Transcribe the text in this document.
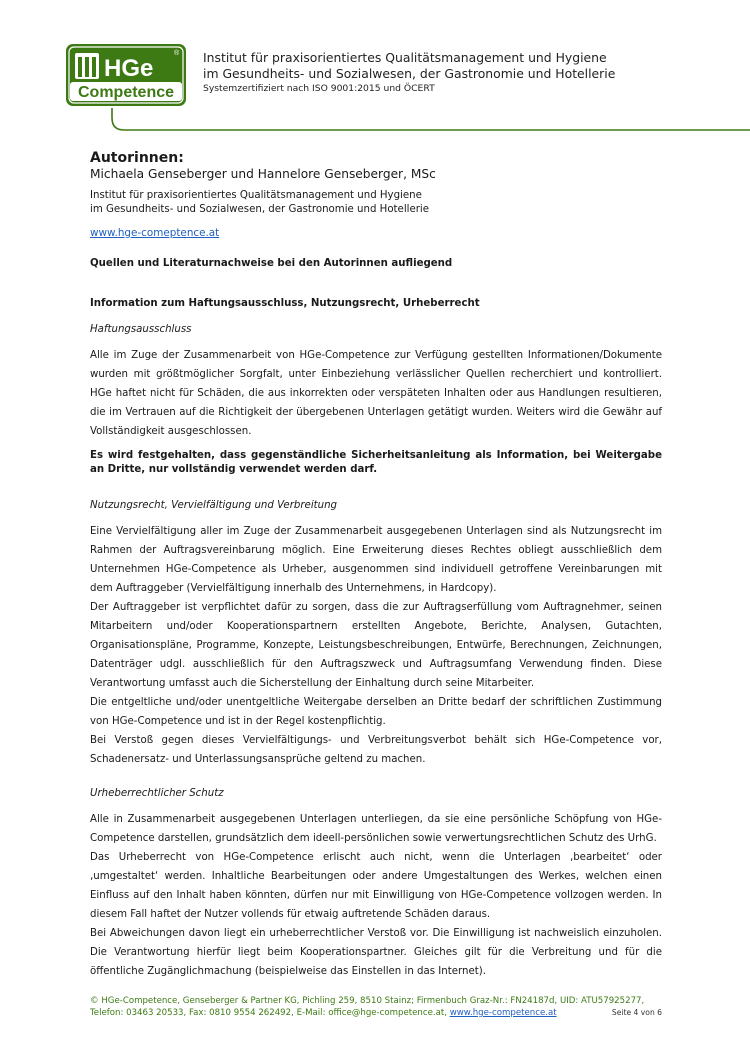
HGe
®
Competence
Institut für praxisorientiertes Qualitätsmanagement und Hygiene
im Gesundheits- und Sozialwesen, der Gastronomie und Hotellerie
Systemzertifiziert nach ISO 9001:2015 und ÖCERT

Autorinnen:

Michaela Genseberger und Hannelore Genseberger, MSc

Institut für praxisorientiertes Qualitätsmanagement und Hygiene
im Gesundheits- und Sozialwesen, der Gastronomie und Hotellerie
www.hge-comeptence.at
Quellen und Literaturnachweise bei den Autorinnen aufliegend
Information zum Haftungsausschluss, Nutzungsrecht, Urheberrecht
Haftungsausschluss

Alle im Zuge der Zusammenarbeit von HGe-Competence zur Verfügung gestellten Informationen/Dokumente wurden mit größtmöglicher Sorgfalt, unter Einbeziehung verlässlicher Quellen recherchiert und kontrolliert. HGe haftet nicht für Schäden, die aus inkorrekten oder verspäteten Inhalten oder aus Handlungen resultieren, die im Vertrauen auf die Richtigkeit der übergebenen Unterlagen getätigt wurden. Weiters wird die Gewähr auf Vollständigkeit ausgeschlossen.

Es wird festgehalten, dass gegenständliche Sicherheitsanleitung als Information, bei Weitergabe an Dritte, nur vollständig verwendet werden darf.

Nutzungsrecht, Vervielfältigung und Verbreitung

Eine Vervielfältigung aller im Zuge der Zusammenarbeit ausgegebenen Unterlagen sind als Nutzungsrecht im Rahmen der Auftragsvereinbarung möglich. Eine Erweiterung dieses Rechtes obliegt ausschließlich dem Unternehmen HGe-Competence als Urheber, ausgenommen sind individuell getroffene Vereinbarungen mit dem Auftraggeber (Vervielfältigung innerhalb des Unternehmens, in Hardcopy).

Der Auftraggeber ist verpflichtet dafür zu sorgen, dass die zur Auftragserfüllung vom Auftragnehmer, seinen Mitarbeitern und/oder Kooperationspartnern erstellten Angebote, Berichte, Analysen, Gutachten, Organisationspläne, Programme, Konzepte, Leistungsbeschreibungen, Entwürfe, Berechnungen, Zeichnungen, Datenträger udgl. ausschließlich für den Auftragszweck und Auftragsumfang Verwendung finden. Diese Verantwortung umfasst auch die Sicherstellung der Einhaltung durch seine Mitarbeiter.

Die entgeltliche und/oder unentgeltliche Weitergabe derselben an Dritte bedarf der schriftlichen Zustimmung von HGe-Competence und ist in der Regel kostenpflichtig.

Bei Verstoß gegen dieses Vervielfältigungs- und Verbreitungsverbot behält sich HGe-Competence vor, Schadenersatz- und Unterlassungsansprüche geltend zu machen.

Urheberrechtlicher Schutz

Alle in Zusammenarbeit ausgegebenen Unterlagen unterliegen, da sie eine persönliche Schöpfung von HGe-Competence darstellen, grundsätzlich dem ideell-persönlichen sowie verwertungsrechtlichen Schutz des UrhG.

Das Urheberrecht von HGe-Competence erlischt auch nicht, wenn die Unterlagen ‚bearbeitet‘ oder ‚umgestaltet‘ werden. Inhaltliche Bearbeitungen oder andere Umgestaltungen des Werkes, welchen einen Einfluss auf den Inhalt haben könnten, dürfen nur mit Einwilligung von HGe-Competence vollzogen werden. In diesem Fall haftet der Nutzer vollends für etwaig auftretende Schäden daraus.

Bei Abweichungen davon liegt ein urheberrechtlicher Verstoß vor. Die Einwilligung ist nachweislich einzuholen. Die Verantwortung hierfür liegt beim Kooperationspartner. Gleiches gilt für die Verbreitung und für die öffentliche Zugänglichmachung (beispielweise das Einstellen in das Internet).

© HGe-Competence, Genseberger & Partner KG, Pichling 259, 8510 Stainz; Firmenbuch Graz-Nr.: FN24187d, UID: ATU57925277,
Telefon: 03463 20533, Fax: 0810 9554 262492, E-Mail: office@hge-competence.at, www.hge-competence.at	Seite 4 von 6
